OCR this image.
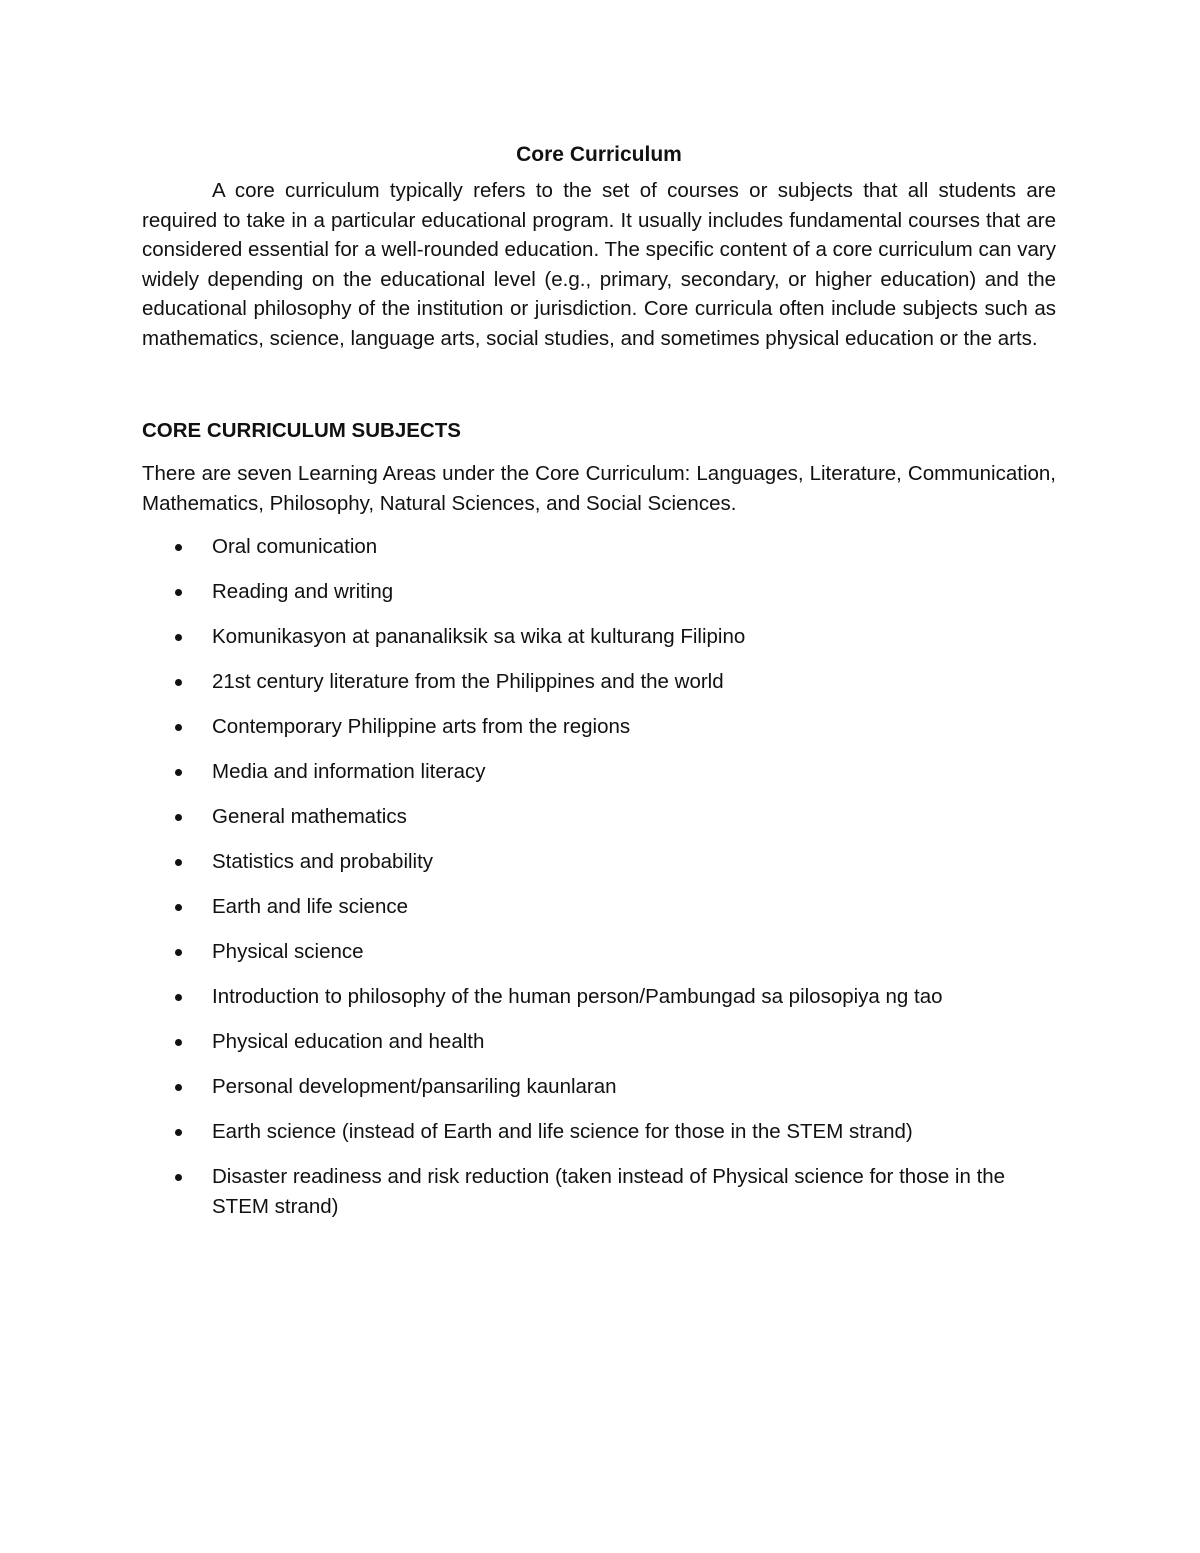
Core Curriculum

A core curriculum typically refers to the set of courses or subjects that all students are required to take in a particular educational program. It usually includes fundamental courses that are considered essential for a well-rounded education. The specific content of a core curriculum can vary widely depending on the educational level (e.g., primary, secondary, or higher education) and the educational philosophy of the institution or jurisdiction. Core curricula often include subjects such as mathematics, science, language arts, social studies, and sometimes physical education or the arts.

CORE CURRICULUM SUBJECTS

There are seven Learning Areas under the Core Curriculum: Languages, Literature, Communication, Mathematics, Philosophy, Natural Sciences, and Social Sciences.

Oral comunication
Reading and writing
Komunikasyon at pananaliksik sa wika at kulturang Filipino
21st century literature from the Philippines and the world
Contemporary Philippine arts from the regions
Media and information literacy
General mathematics
Statistics and probability
Earth and life science
Physical science
Introduction to philosophy of the human person/Pambungad sa pilosopiya ng tao
Physical education and health
Personal development/pansariling kaunlaran
Earth science (instead of Earth and life science for those in the STEM strand)
Disaster readiness and risk reduction (taken instead of Physical science for those in the STEM strand)
